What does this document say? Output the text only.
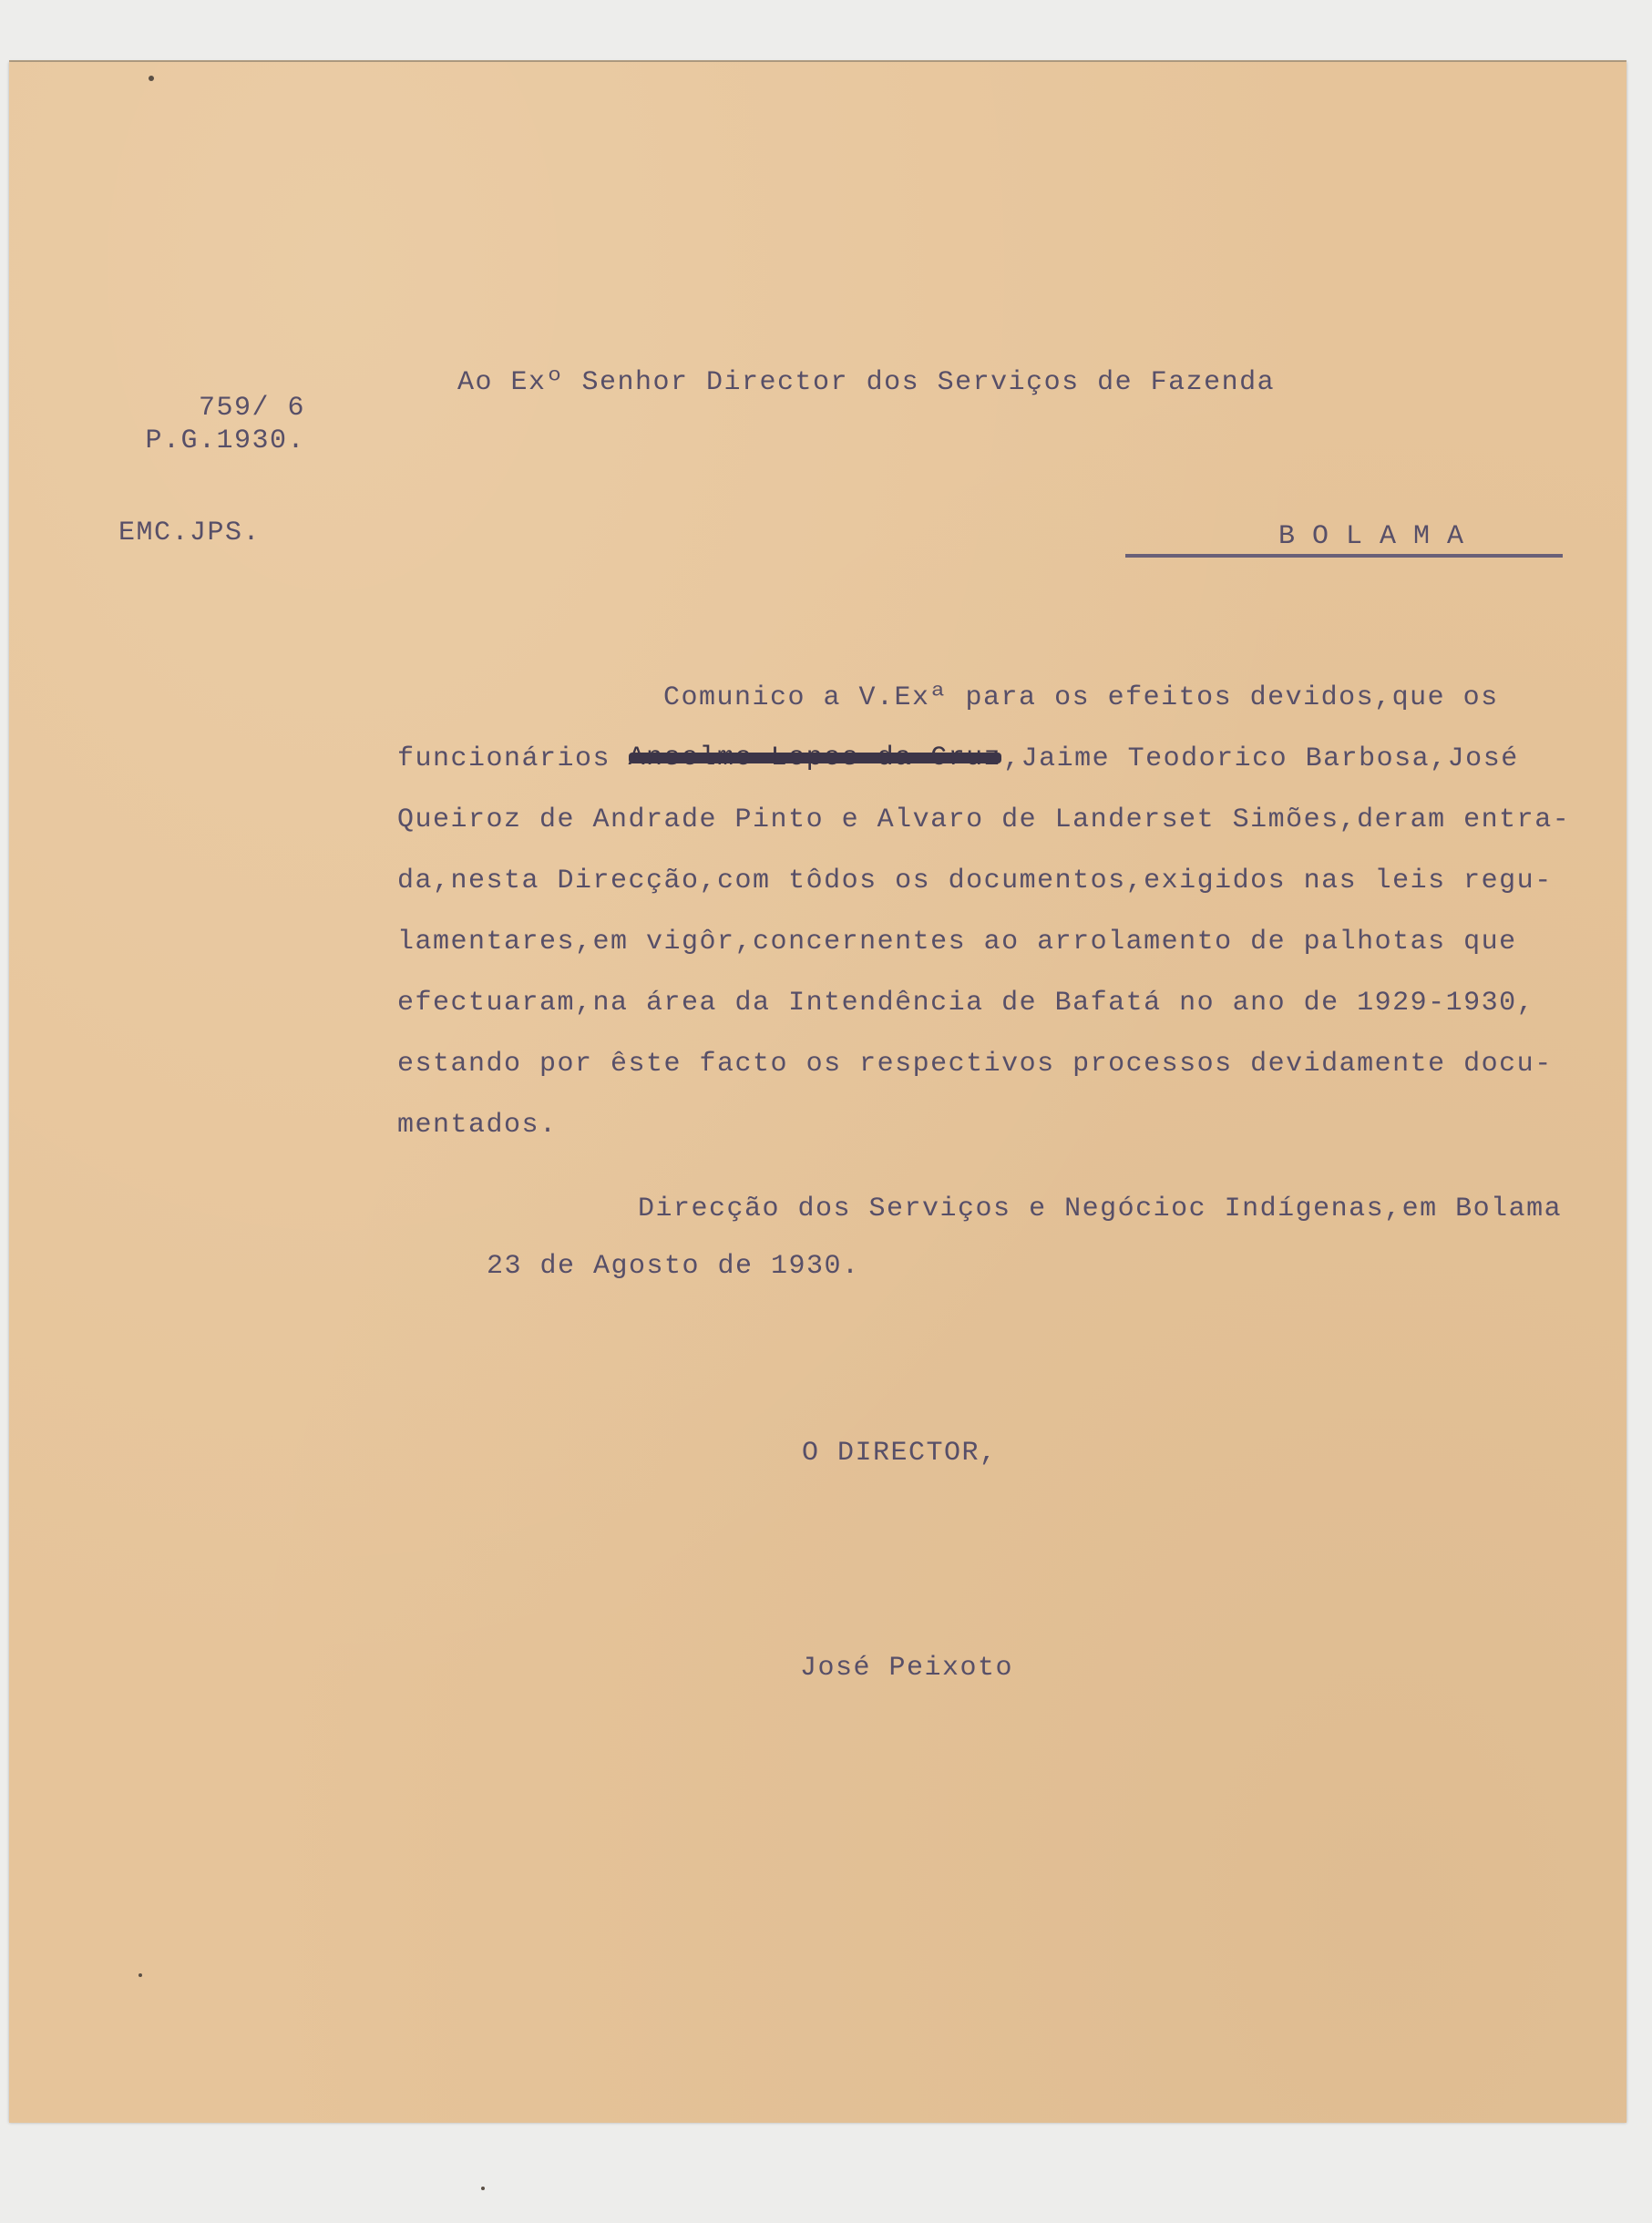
759/ 6
P.G.1930.
EMC.JPS.
Ao Exº Senhor Director dos Serviços de Fazenda
BOLAMA
Comunico a V.Exª para os efeitos devidos,que os
funcionários Anselmo Lopes da Cruz,Jaime Teodorico Barbosa,José
Queiroz de Andrade Pinto e Alvaro de Landerset Simões,deram entra-
da,nesta Direcção,com tôdos os documentos,exigidos nas leis regu-
lamentares,em vigôr,concernentes ao arrolamento de palhotas que
efectuaram,na área da Intendência de Bafatá no ano de 1929-1930,
estando por êste facto os respectivos processos devidamente docu-
mentados.
Direcção dos Serviços e Negócioc Indígenas,em Bolama
23 de Agosto de 1930.
O DIRECTOR,
José Peixoto
